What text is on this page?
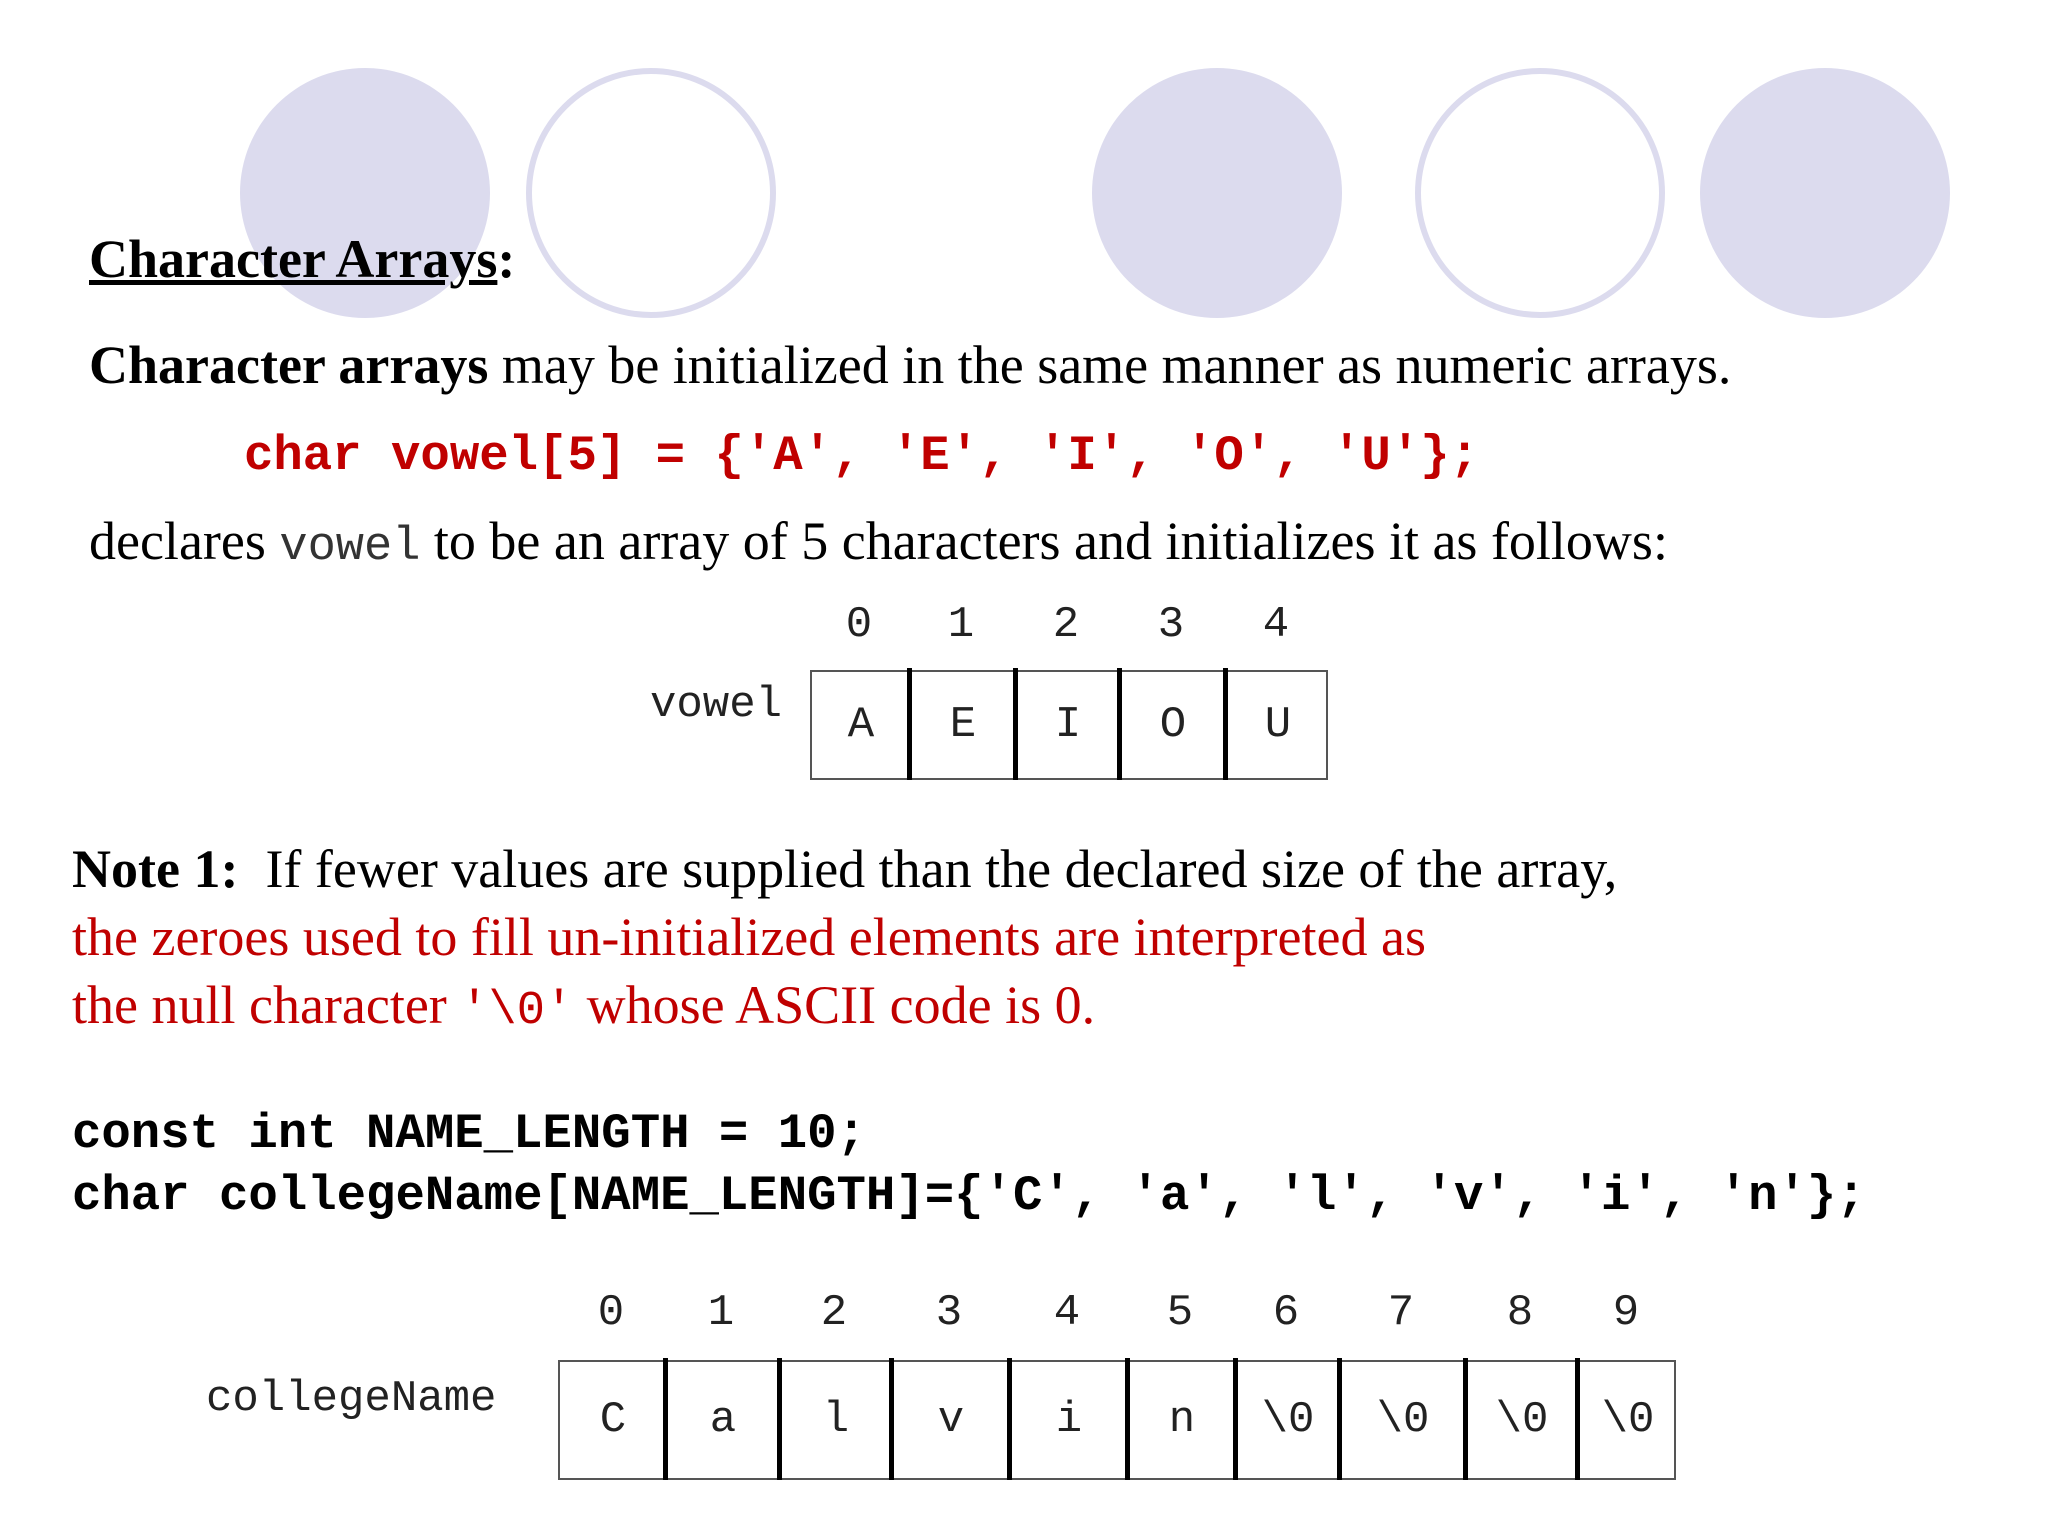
Character Arrays:
Character arrays may be initialized in the same manner as numeric arrays.
char vowel[5] = {'A', 'E', 'I', 'O', 'U'};
declares vowel to be an array of 5 characters and initializes it as follows:
vowel	A	E	I	O	U
0	1	2	3	4
Note 1: If fewer values are supplied than the declared size of the array,
the zeroes used to fill un-initialized elements are interpreted as
the null character '\0' whose ASCII code is 0.
const int NAME_LENGTH = 10;
char collegeName[NAME_LENGTH]={'C', 'a', 'l', 'v', 'i', 'n'};
collegeName	C	a	l	v	i	n	\0	\0	\0	\0
0	1	2	3	4	5	6	7	8	9
